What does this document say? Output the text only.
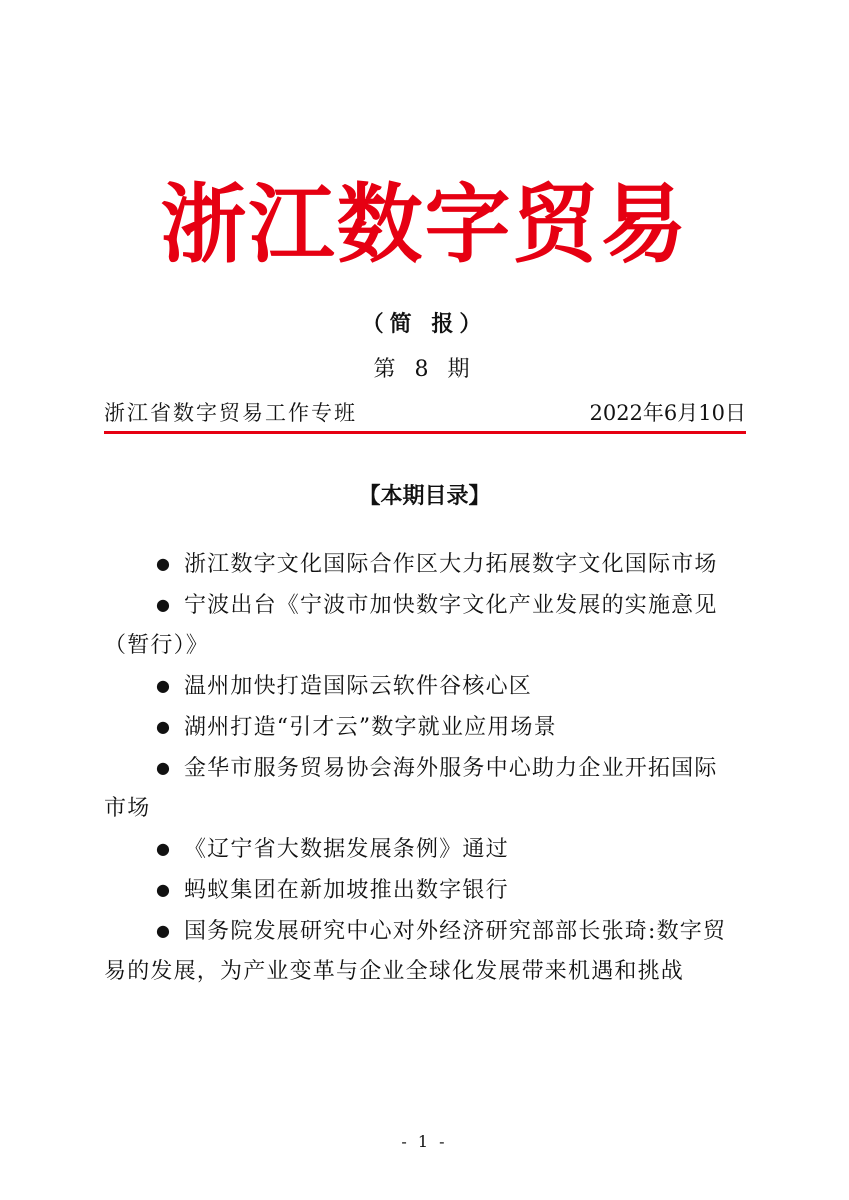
浙江数字贸易
（简 报）
第 8 期
浙江省数字贸易工作专班	2022年6月10日
【本期目录】
● 浙江数字文化国际合作区大力拓展数字文化国际市场
● 宁波出台《宁波市加快数字文化产业发展的实施意见（暂行）》
● 温州加快打造国际云软件谷核心区
● 湖州打造“引才云”数字就业应用场景
● 金华市服务贸易协会海外服务中心助力企业开拓国际市场
● 《辽宁省大数据发展条例》通过
● 蚂蚁集团在新加坡推出数字银行
● 国务院发展研究中心对外经济研究部部长张琦:数字贸易的发展，为产业变革与企业全球化发展带来机遇和挑战
- 1 -
